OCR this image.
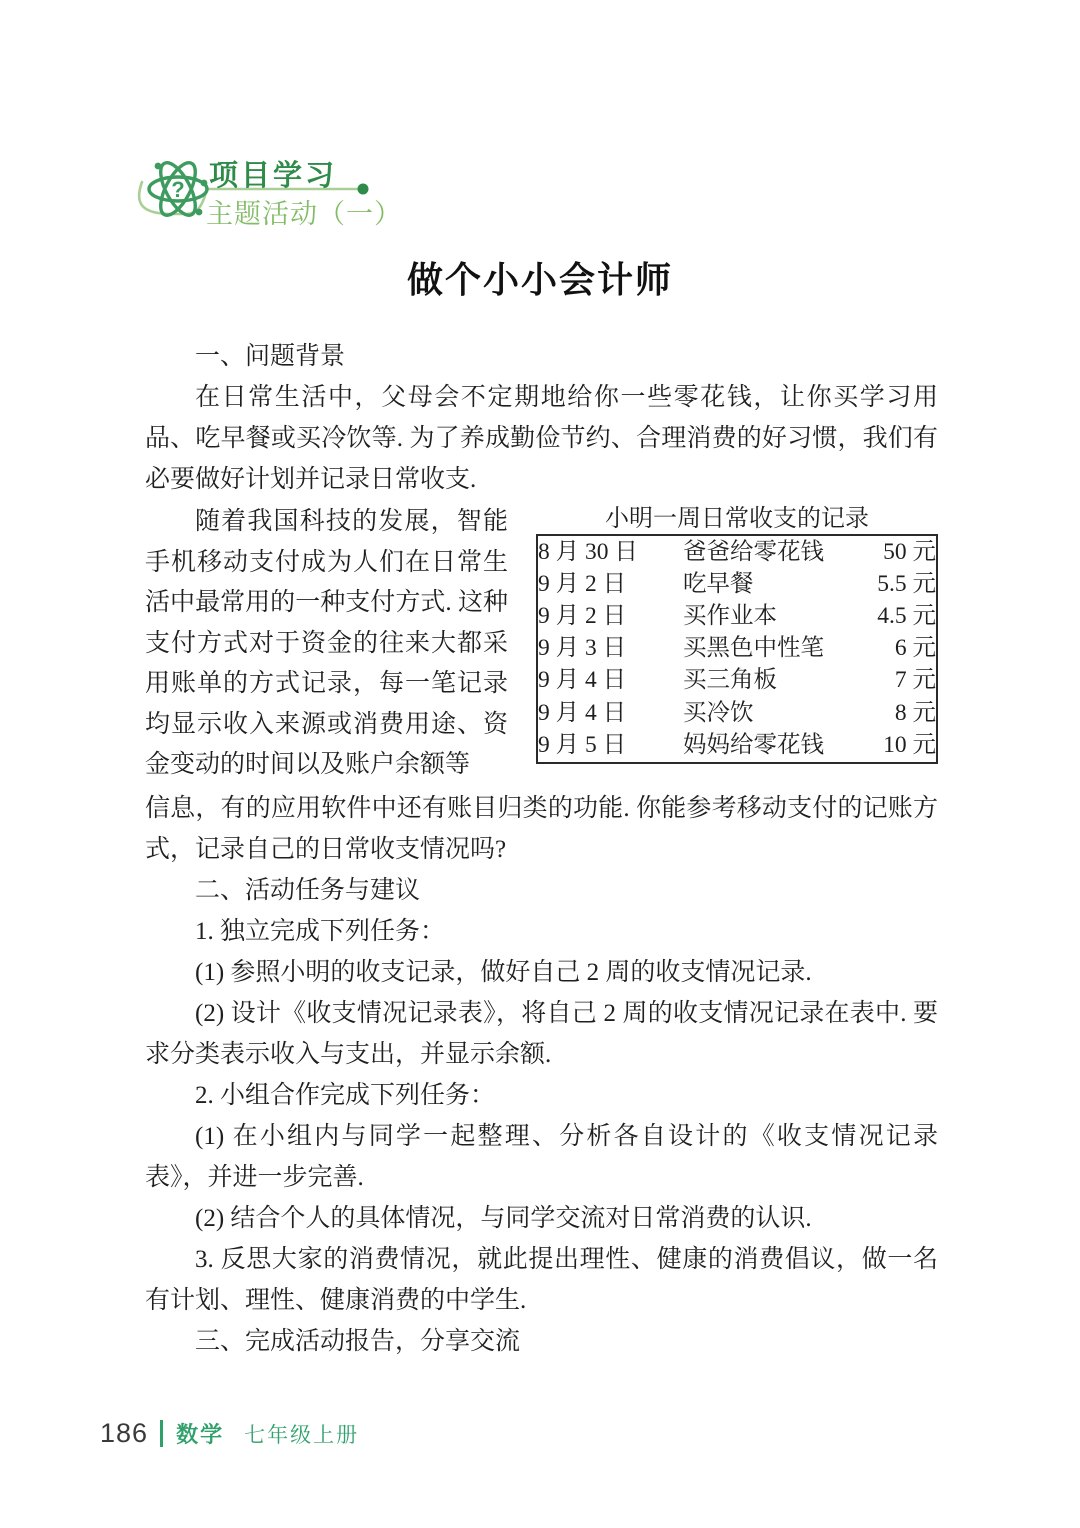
? 项目学习
主题活动（一）
做个小小会计师

一、问题背景

在日常生活中，父母会不定期地给你一些零花钱，让你买学习用品、吃早餐或买冷饮等. 为了养成勤俭节约、合理消费的好习惯，我们有必要做好计划并记录日常收支.

随着我国科技的发展，智能手机移动支付成为人们在日常生活中最常用的一种支付方式. 这种支付方式对于资金的往来大都采用账单的方式记录，每一笔记录均显示收入来源或消费用途、资金变动的时间以及账户余额等

小明一周日常收支的记录

8 月 30 日	爸爸给零花钱	50 元
9 月 2 日	吃早餐	5.5 元
9 月 2 日	买作业本	4.5 元
9 月 3 日	买黑色中性笔	6 元
9 月 4 日	买三角板	7 元
9 月 4 日	买冷饮	8 元
9 月 5 日	妈妈给零花钱	10 元

信息，有的应用软件中还有账目归类的功能. 你能参考移动支付的记账方式，记录自己的日常收支情况吗?

二、活动任务与建议

1. 独立完成下列任务：

(1) 参照小明的收支记录，做好自己 2 周的收支情况记录.

(2) 设计《收支情况记录表》，将自己 2 周的收支情况记录在表中. 要求分类表示收入与支出，并显示余额.

2. 小组合作完成下列任务：

(1) 在小组内与同学一起整理、分析各自设计的《收支情况记录表》，并进一步完善.

(2) 结合个人的具体情况，与同学交流对日常消费的认识.

3. 反思大家的消费情况，就此提出理性、健康的消费倡议，做一名有计划、理性、健康消费的中学生.

三、完成活动报告，分享交流

186 数学 七年级上册
